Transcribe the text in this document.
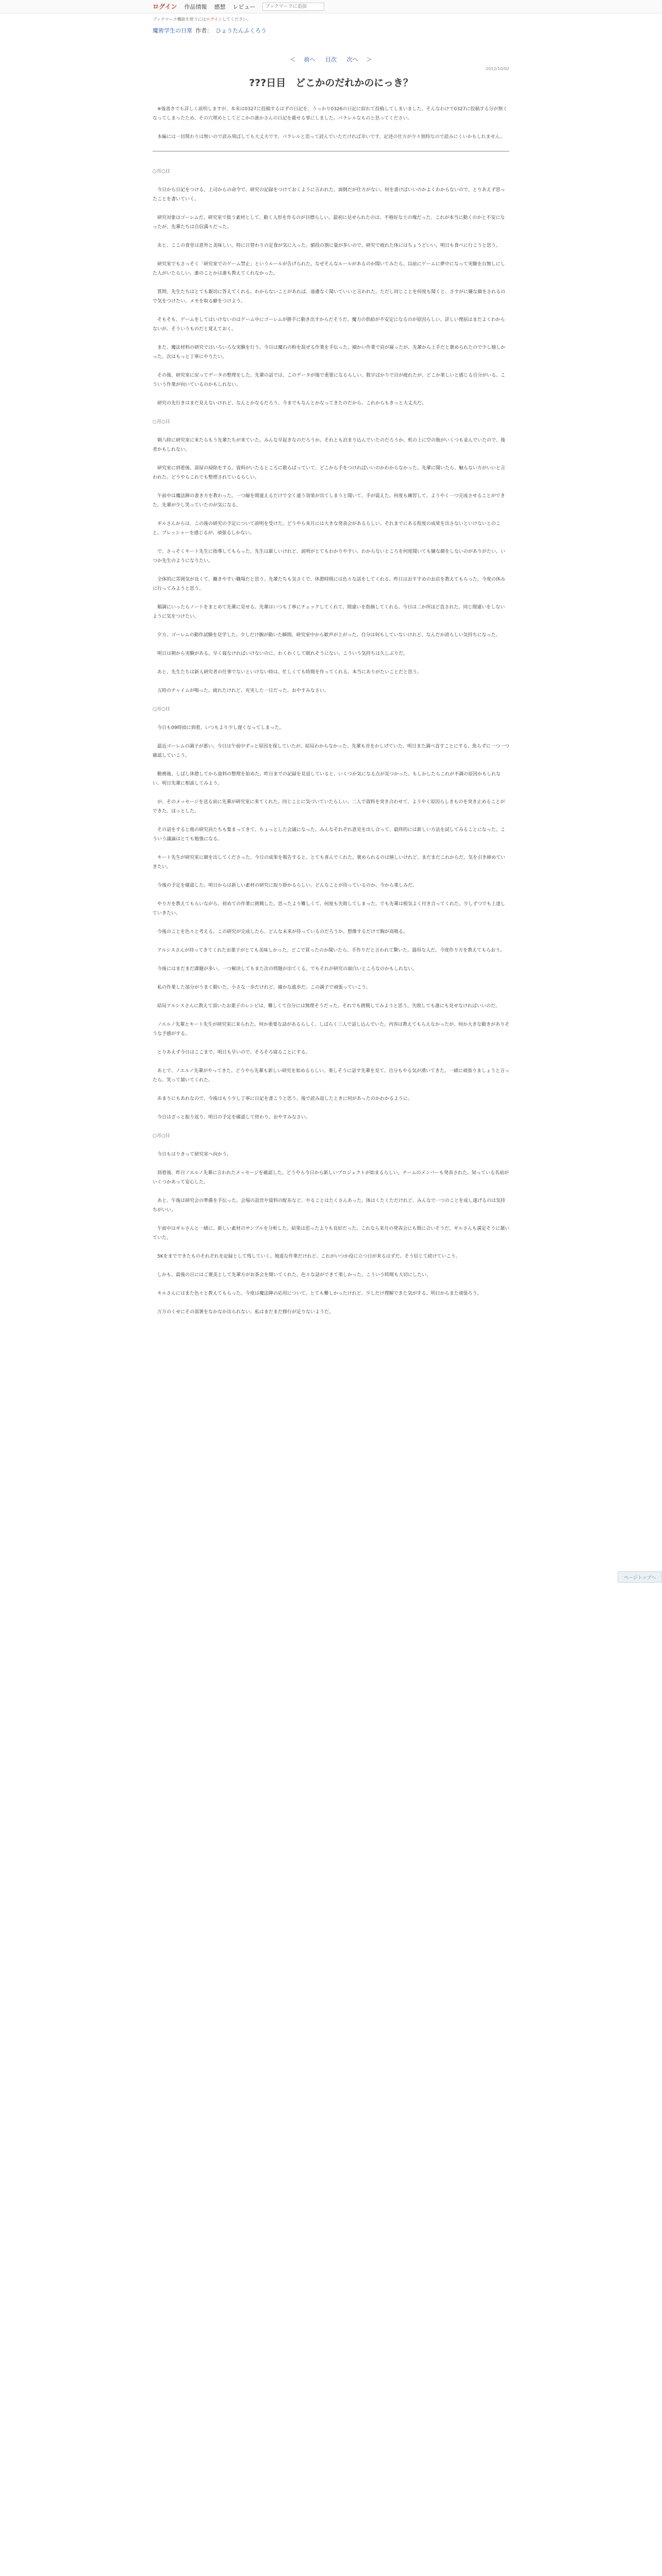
ログイン 作品情報 感想 レビュー
ブックマークに追加
ブックマーク機能を使うにはログインしてください。
魔術学生の日常 作者： ひょうたんふくろう
＜ 前へ 目次 次へ ＞
2012/10/02
???日目　どこかのだれかのにっき？

※後書きでも詳しく説明しますが、本来は0327に投稿するはずの日記を、うっかり0326の日記に紛れて投稿してしまいました。そんなわけで0327に投稿する分が無くなってしまったため、その穴埋めとしてどこかの誰かさんの日記を載せる事にしました。パラレルなものと思ってください。

本編には一切関わりは無いので読み飛ばしても大丈夫です。パラレルと思って読んでいただければ幸いです。記述の仕方が少々独特なので読みにくいかもしれません。

○月○日

今日から日記をつける。上司からの命令で、研究の記録をつけておくように言われた。面倒だが仕方がない。何を書けばいいのかよくわからないので、とりあえず思ったことを書いていく。

研究対象はゴーレムだ。研究室で扱う素材として、動く人形を作るのが目標らしい。最初に見せられたのは、不格好な土の塊だった。これが本当に動くのかと不安になったが、先輩たちは自信満々だった。

あと、ここの食堂は意外と美味しい。特に日替わりの定食が気に入った。値段の割に量が多いので、研究で疲れた体にはちょうどいい。明日も食べに行こうと思う。

研究室でもさっそく「研究室でのゲーム禁止」というルールが告げられた。なぜそんなルールがあるのか聞いてみたら、以前にゲームに夢中になって実験を台無しにした人がいたらしい。誰のことかは誰も教えてくれなかった。

質問、先生たちはとても親切に答えてくれる。わからないことがあれば、遠慮なく聞いていいと言われた。ただし同じことを何度も聞くと、さすがに嫌な顔をされるので気をつけたい。メモを取る癖をつけよう。

そもそも、ゲームをしてはいけないのはゲーム中にゴーレムが勝手に動き出すからだそうだ。魔力の供給が不安定になるのが原因らしい。詳しい理屈はまだよくわからないが、そういうものだと覚えておく。

また、魔法材料の研究ではいろいろな実験を行う。今日は魔石の粉を混ぜる作業を手伝った。細かい作業で肩が凝ったが、先輩から上手だと褒められたので少し嬉しかった。次はもっと丁寧にやりたい。

その後、研究室に戻ってデータの整理をした。先輩の話では、このデータが後で重要になるらしい。数字ばかりで目が疲れたが、どこか楽しいと感じる自分がいる。こういう作業が向いているのかもしれない。

研究の先行きはまだ見えないけれど、なんとかなるだろう。今までもなんとかなってきたのだから、これからもきっと大丈夫だ。

○月○日

朝八時に研究室に来たらもう先輩たちが来ていた。みんな早起きなのだろうか。それとも泊まり込んでいたのだろうか。机の上に空の瓶がいくつも並んでいたので、後者かもしれない。

研究室に到着後、部屋の掃除をする。資料がいたるところに散らばっていて、どこから手をつければいいのかわからなかった。先輩に聞いたら、触らない方がいいと言われた。どうやらこれでも整理されているらしい。

午前中は魔法陣の書き方を教わった。一つ線を間違えるだけで全く違う効果が出てしまうと聞いて、手が震えた。何度も練習して、ようやく一つ完成させることができた。先輩が少し笑っていたのが気になる。

ギルさんからは、この後の研究の予定について説明を受けた。どうやら来月には大きな発表会があるらしい。それまでにある程度の成果を出さないといけないとのこと。プレッシャーを感じるが、頑張るしかない。

で、さっそくキート先生に指導してもらった。先生は厳しいけれど、説明がとてもわかりやすい。わからないところを何度聞いても嫌な顔をしないのがありがたい。いつか先生のようになりたい。

全体的に雰囲気が良くて、働きやすい職場だと思う。先輩たちも気さくで、休憩時間には色々な話をしてくれる。昨日はおすすめのお店を教えてもらった。今度の休みに行ってみようと思う。

順調にいったらノートをまとめて先輩に見せる。先輩はいつも丁寧にチェックしてくれて、間違いを指摘してくれる。今日は二か所ほど直された。同じ間違いをしないように気をつけたい。

夕方、ゴーレムの動作試験を見学した。少しだけ腕が動いた瞬間、研究室中から歓声が上がった。自分は何もしていないけれど、なんだか誇らしい気持ちになった。

明日は朝から実験がある。早く寝なければいけないのに、わくわくして眠れそうにない。こういう気持ちは久しぶりだ。

あと、先生たちは新人研究者の仕事でないといけない時は、忙しくても時間を作ってくれる。本当にありがたいことだと思う。

五時のチャイムが鳴った。疲れたけれど、充実した一日だった。おやすみなさい。

○月○日

今日も09時頃に到着。いつもより少し遅くなってしまった。

最近ゴーレムの調子が悪い。今日は午前中ずっと原因を探していたが、結局わからなかった。先輩も首をかしげていた。明日また調べ直すことにする。焦らずに一つ一つ確認していこう。

勤務後、しばし休憩してから資料の整理を始めた。昨日までの記録を見返していると、いくつか気になる点が見つかった。もしかしたらこれが不調の原因かもしれない。明日先輩に相談してみよう。

が、そのメッセージを送る前に先輩が研究室に来てくれた。同じことに気づいていたらしい。二人で資料を突き合わせて、ようやく原因らしきものを突き止めることができた。ほっとした。

その話をすると他の研究員たちも集まってきて、ちょっとした会議になった。みんなそれぞれ意見を出し合って、最終的には新しい方法を試してみることになった。こういう議論はとても勉強になる。

キート先生が研究室に顔を出してくださった。今日の成果を報告すると、とても喜んでくれた。褒められるのは嬉しいけれど、まだまだこれからだ。気を引き締めていきたい。

今後の予定を確認した。明日からは新しい素材の研究に取り掛かるらしい。どんなことが待っているのか、今から楽しみだ。

やり方を教えてもらいながら、初めての作業に挑戦した。思ったより難しくて、何度も失敗してしまった。でも先輩は根気よく付き合ってくれた。少しずつでも上達していきたい。

今後のことを色々と考える。この研究が完成したら、どんな未来が待っているのだろうか。想像するだけで胸が高鳴る。

アルシスさんが持ってきてくれたお菓子がとても美味しかった。どこで買ったのか聞いたら、手作りだと言われて驚いた。器用な人だ。今度作り方を教えてもらおう。

今後にはまだまだ課題が多い。一つ解決してもまた次の問題が出てくる。でもそれが研究の面白いところなのかもしれない。

私の作業した部分がうまく動いた。小さな一歩だけれど、確かな進歩だ。この調子で頑張っていこう。

結局アルシスさんに教えて頂いたお菓子のレシピは、難しくて自分には無理そうだった。それでも挑戦してみようと思う。失敗しても誰にも見せなければいいのだ。

ノエルノ先輩とキート先生が研究室に来られた。何か重要な話があるらしく、しばらく三人で話し込んでいた。内容は教えてもらえなかったが、何か大きな動きがありそうな予感がする。

とりあえず今日はここまで。明日も早いので、そろそろ寝ることにする。

あとで、ノエルノ先輩がやってきた。どうやら先輩も新しい研究を始めるらしい。楽しそうに話す先輩を見て、自分もやる気が湧いてきた。一緒に頑張りましょうと言ったら、笑って頷いてくれた。

あまりにもあれなので、今後はもう少し丁寧に日記を書こうと思う。後で読み返したときに何があったのかわかるように。

今日はざっと振り返り、明日の予定を確認して終わり。おやすみなさい。

○月○日

今日もはりきって研究室へ向かう。

到着後、昨日ノエルノ先輩に言われたメッセージを確認した。どうやら今日から新しいプロジェクトが始まるらしい。チームのメンバーも発表された。知っている名前がいくつかあって安心した。

あと、午後は研究会の準備を手伝った。会場の設営や資料の配布など、やることはたくさんあった。体はくたくただけれど、みんなで一つのことを成し遂げるのは気持ちがいい。

午前中はギルさんと一緒に、新しい素材のサンプルを分析した。結果は思ったよりも良好だった。これなら来月の発表会にも間に合いそうだ。ギルさんも満足そうに頷いていた。

5Kをまでできたものそれぞれを記録として残していく。地道な作業だけれど、これがいつか役に立つ日が来るはずだ。そう信じて続けていこう。

しかも、最後の日にはご褒美として先輩方がお茶会を開いてくれた。色々な話ができて楽しかった。こういう時間も大切にしたい。

キルさんにはまた色々と教えてもらった。今度は魔法陣の応用について。とても難しかったけれど、少しだけ理解できた気がする。明日からまた頑張ろう。

万万のくせにその部署をなかなか出られない。私はまだまだ修行が足りないようだ。

ページトップへ
